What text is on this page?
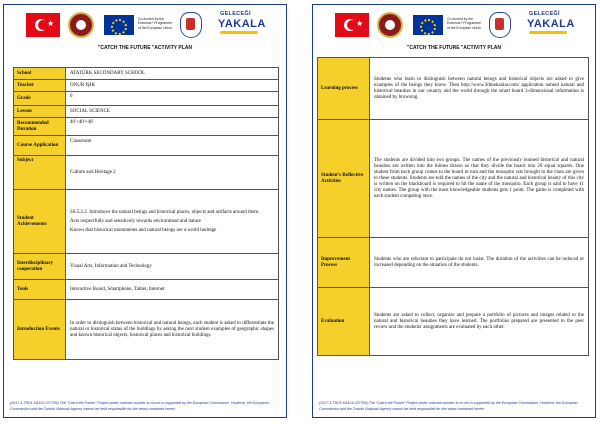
★	Co-funded by the Erasmus+ Programme of the European Union
GELECEĞİ
YAKALA
"CATCH THE FUTURE "ACTIVITY PLAN
School	ATATÜRK SECONDARY SCHOOL
Teacher	ONUR IŞIK
Grade	6
Lesson	SOCIAL SCIENCE
Recommended Duration	40'+40'+40'
Course Application	Classroom
Subject	Culture and Heritage 2
Student Achievements	SS.5.2.2. Introduces the natural beings and historical places, objects and artifacts around them.

Acts respectfully and sensitively towards environment and nature

Knows that historical monuments and natural beings are a world heritage

Interdisciplinary cooperation	Visual Arts, Information and Technology
Tools	Interactive Board, Smartphone, Tablet, Internet
Introduction Events	In order to distinguish between historical and natural beings, each student is asked to differentiate the natural or historical status of the buildings by asking the next student examples of geographic shapes and known historical objects, historical places and historical buildings.
(2017-1-TR01-KA101-037784) The "Catch the Future" Project under contract number is co-run is supported by the European Commission. However, the European Commission and the Turkish National Agency cannot be held responsible for the views contained herein.
★	Co-funded by the Erasmus+ Programme of the European Union
GELECEĞİ
YAKALA
"CATCH THE FUTURE "ACTIVITY PLAN
Learning process	Students who learn to distinguish between natural beings and historical objects are asked to give examples of the beings they know. Then http://www.3dmekanlar.com/ application named natural and historical beauties in our country and the world through the smart board 3-dimensional information is obtained by browsing.
Student's Reflective Activities	The students are divided into two groups. The names of the previously learned historical and natural beauties are written into the thimes drawn so that they divide the board into 20 equal squares. One student from each group comes to the board in turn and the mosquito rats brought to the class are given to these students. Students are told the names of the city and the natural and historical beauty of this city is written on the blackboard is required to hit the name of the mosquito. Each group is said to have 11 city names. The group with the most knowledgeable students gets 1 point. The game is completed with each student competing once.
Improvement Process	Students who are reluctant to participate do not insist. The duration of the activities can be reduced or increased depending on the situation of the students.
Evaluation	Students are asked to collect, organize and prepare a portfolio of pictures and images related to the natural and historical beauties they have learned. The portfolios prepared are presented to the peer review and the students' assignments are evaluated by each other.
(2017-1-TR01-KA101-037784) The "Catch the Future" Project under contract number is co-run is supported by the European Commission. However, the European Commission and the Turkish National Agency cannot be held responsible for the views contained herein.
